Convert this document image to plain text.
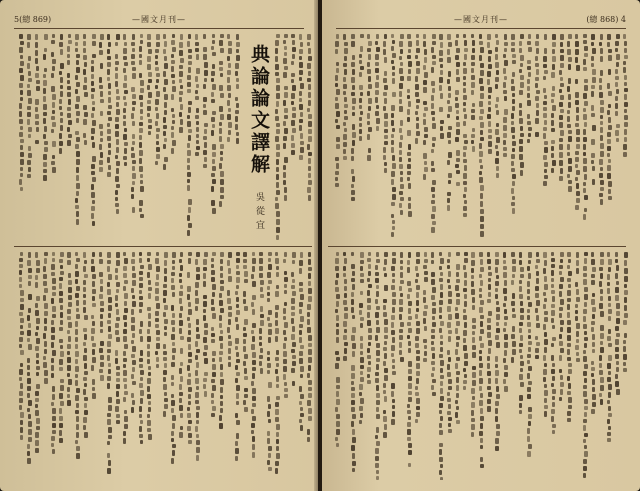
5(總 869)	—國文月刊—
典論論文譯解
吳從宜
—國文月刊—	(總 868) 4
